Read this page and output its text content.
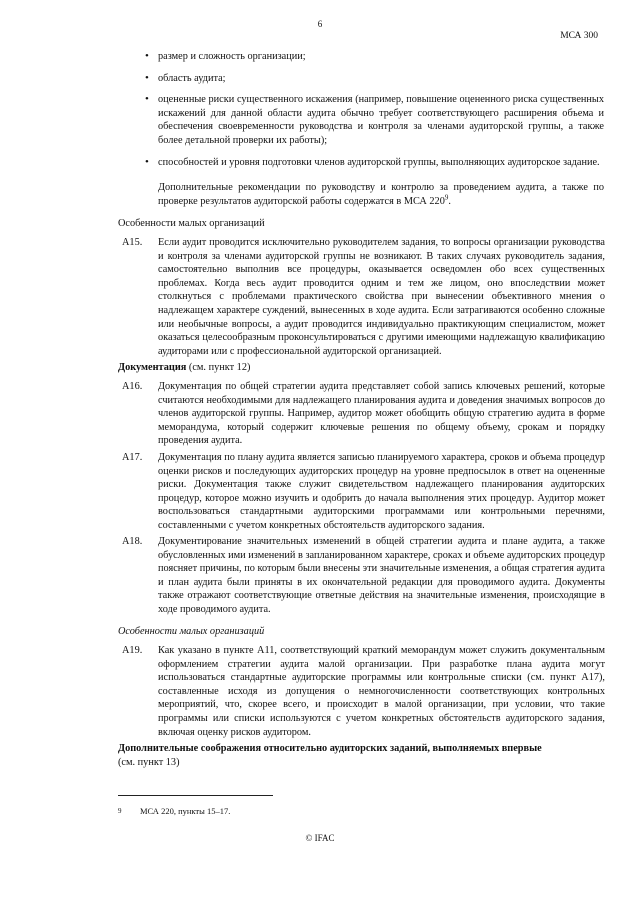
6
МСА 300
• размер и сложность организации;
• область аудита;
• оцененные риски существенного искажения (например, повышение оцененного риска существенных искажений для данной области аудита обычно требует соответствующего расширения объема и обеспечения своевременности руководства и контроля за членами аудиторской группы, а также более детальной проверки их работы);
• способностей и уровня подготовки членов аудиторской группы, выполняющих аудиторское задание.
Дополнительные рекомендации по руководству и контролю за проведением аудита, а также по проверке результатов аудиторской работы содержатся в МСА $220^9$.
Особенности малых организаций
A15.	Если аудит проводится исключительно руководителем задания, то вопросы организации руководства и контроля за членами аудиторской группы не возникают. В таких случаях руководитель задания, самостоятельно выполнив все процедуры, оказывается осведомлен обо всех существенных проблемах. Когда весь аудит проводится одним и тем же лицом, оно впоследствии может столкнуться с проблемами практического свойства при вынесении объективного мнения о надлежащем характере суждений, вынесенных в ходе аудита. Если затрагиваются особенно сложные или необычные вопросы, а аудит проводится индивидуально практикующим специалистом, может оказаться целесообразным проконсультироваться с другими имеющими надлежащую квалификацию аудиторами или с профессиональной аудиторской организацией.
Документация (см. пункт 12)
A16.	Документация по общей стратегии аудита представляет собой запись ключевых решений, которые считаются необходимыми для надлежащего планирования аудита и доведения значимых вопросов до членов аудиторской группы. Например, аудитор может обобщить общую стратегию аудита в форме меморандума, который содержит ключевые решения по общему объему, срокам и порядку проведения аудита.
A17.	Документация по плану аудита является записью планируемого характера, сроков и объема процедур оценки рисков и последующих аудиторских процедур на уровне предпосылок в ответ на оцененные риски. Документация также служит свидетельством надлежащего планирования аудиторских процедур, которое можно изучить и одобрить до начала выполнения этих процедур. Аудитор может воспользоваться стандартными аудиторскими программами или контрольными перечнями, составленными с учетом конкретных обстоятельств аудиторского задания.
A18.	Документирование значительных изменений в общей стратегии аудита и плане аудита, а также обусловленных ими изменений в запланированном характере, сроках и объеме аудиторских процедур поясняет причины, по которым были внесены эти значительные изменения, а общая стратегия аудита и план аудита были приняты в их окончательной редакции для проводимого аудита. Документы также отражают соответствующие ответные действия на значительные изменения, происходящие в ходе проводимого аудита.
Особенности малых организаций
A19.	Как указано в пункте A11, соответствующий краткий меморандум может служить документальным оформлением стратегии аудита малой организации. При разработке плана аудита могут использоваться стандартные аудиторские программы или контрольные списки (см. пункт A17), составленные исходя из допущения о немногочисленности соответствующих контрольных мероприятий, что, скорее всего, и происходит в малой организации, при условии, что такие программы или списки используются с учетом конкретных обстоятельств аудиторского задания, включая оценку рисков аудитором.
Дополнительные соображения относительно аудиторских заданий, выполняемых впервые
(см. пункт 13)
9 МСА 220, пункты 15–17.
© IFAC
